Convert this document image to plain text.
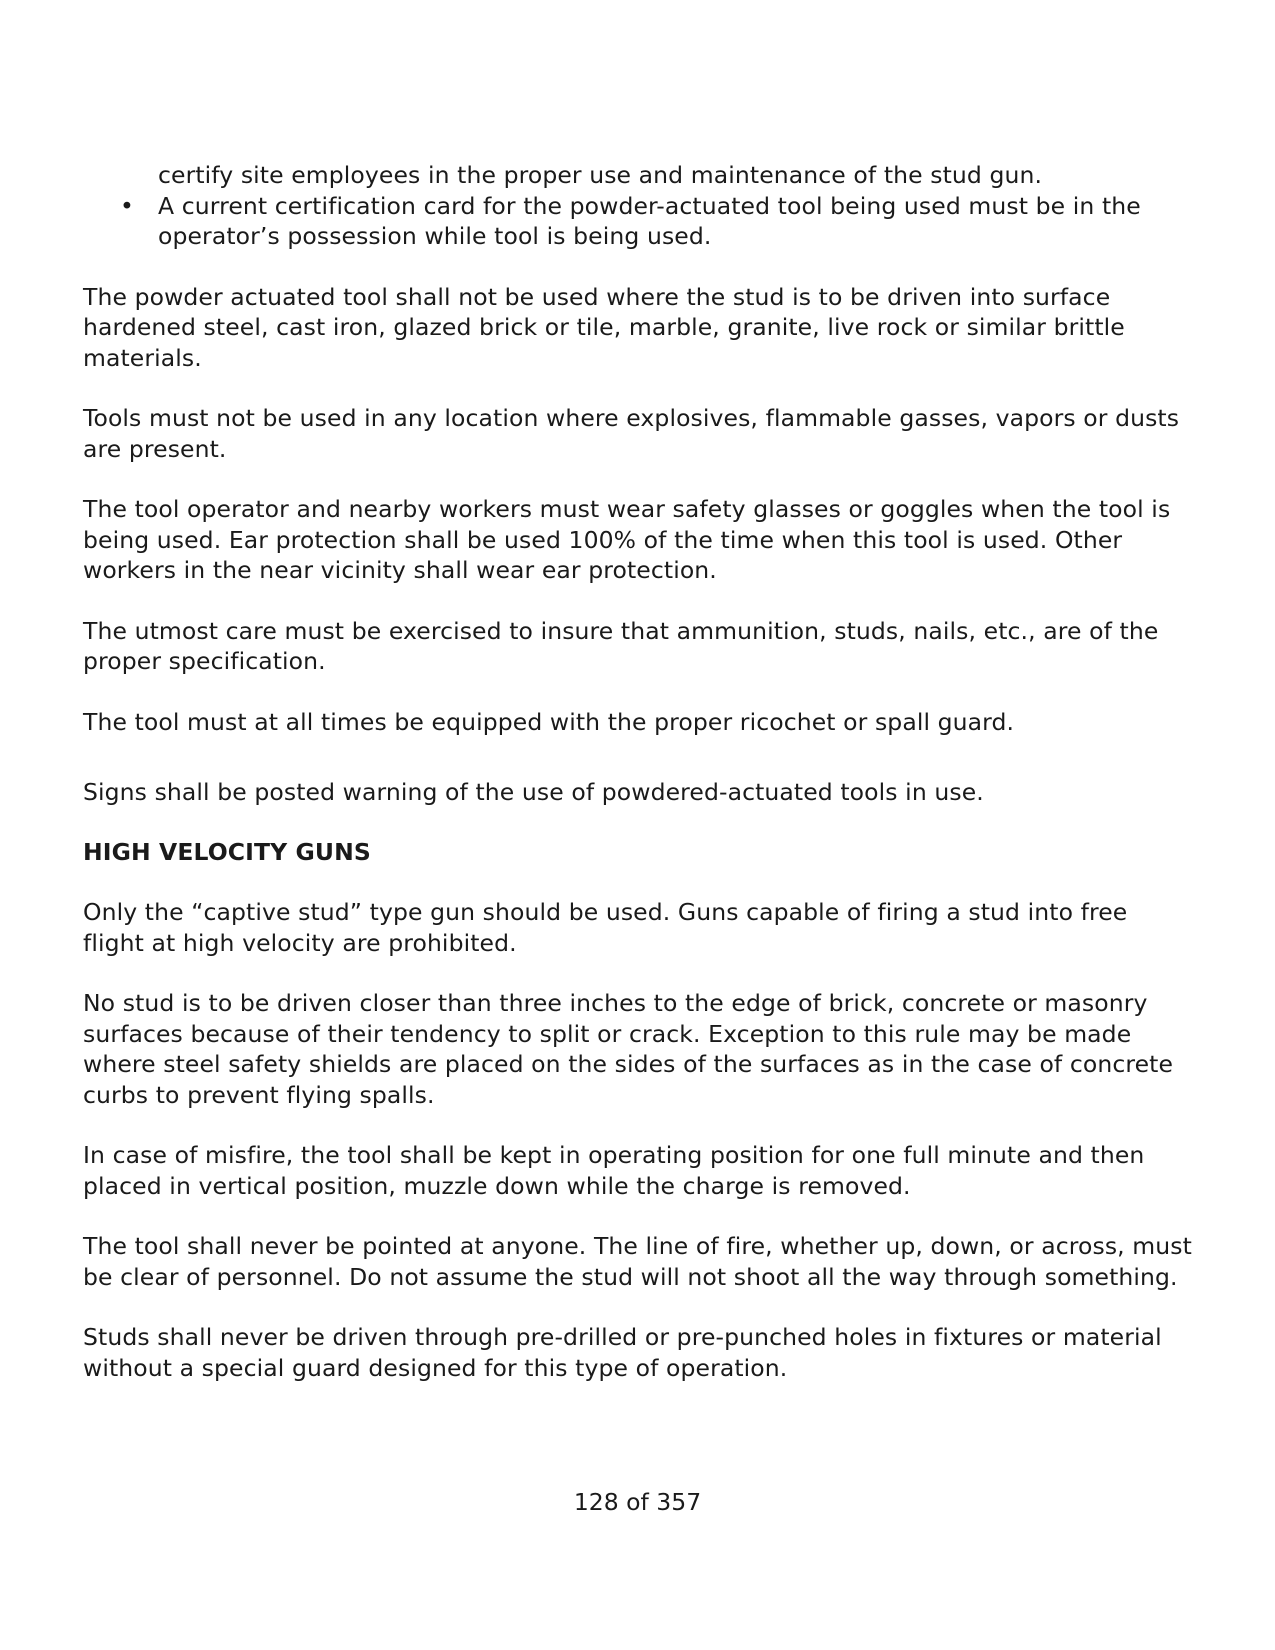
certify site employees in the proper use and maintenance of the stud gun.

• A current certification card for the powder-actuated tool being used must be in the operator’s possession while tool is being used.

The powder actuated tool shall not be used where the stud is to be driven into surface hardened steel, cast iron, glazed brick or tile, marble, granite, live rock or similar brittle materials.

Tools must not be used in any location where explosives, flammable gasses, vapors or dusts are present.

The tool operator and nearby workers must wear safety glasses or goggles when the tool is being used. Ear protection shall be used 100% of the time when this tool is used. Other workers in the near vicinity shall wear ear protection.

The utmost care must be exercised to insure that ammunition, studs, nails, etc., are of the proper specification.

The tool must at all times be equipped with the proper ricochet or spall guard.

Signs shall be posted warning of the use of powdered-actuated tools in use.

HIGH VELOCITY GUNS

Only the “captive stud” type gun should be used. Guns capable of firing a stud into free flight at high velocity are prohibited.

No stud is to be driven closer than three inches to the edge of brick, concrete or masonry surfaces because of their tendency to split or crack. Exception to this rule may be made where steel safety shields are placed on the sides of the surfaces as in the case of concrete curbs to prevent flying spalls.

In case of misfire, the tool shall be kept in operating position for one full minute and then placed in vertical position, muzzle down while the charge is removed.

The tool shall never be pointed at anyone. The line of fire, whether up, down, or across, must be clear of personnel. Do not assume the stud will not shoot all the way through something.

Studs shall never be driven through pre-drilled or pre-punched holes in fixtures or material without a special guard designed for this type of operation.

128 of 357
